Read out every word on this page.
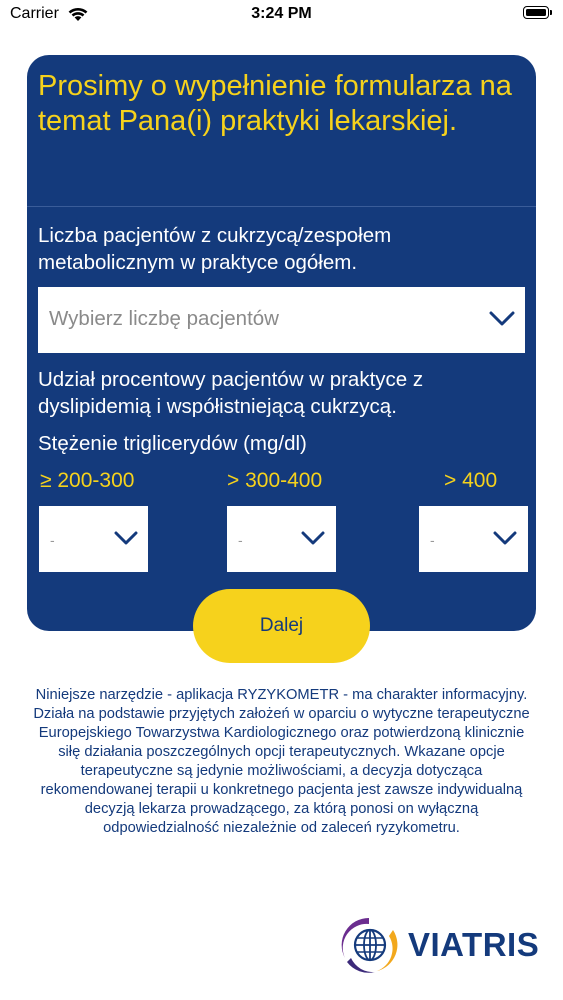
Carrier	3:24 PM
Prosimy o wypełnienie formularza na temat Pana(i) praktyki lekarskiej.
Liczba pacjentów z cukrzycą/zespołem metabolicznym w praktyce ogółem.
Wybierz liczbę pacjentów
Udział procentowy pacjentów w praktyce z dyslipidemią i współistniejącą cukrzycą.
Stężenie triglicerydów (mg/dl)
≥ 200-300	> 300-400	> 400
-	-	-
Dalej
Niniejsze narzędzie - aplikacja RYZYKOMETR - ma charakter informacyjny. Działa na podstawie przyjętych założeń w oparciu o wytyczne terapeutyczne Europejskiego Towarzystwa Kardiologicznego oraz potwierdzoną klinicznie siłę działania poszczególnych opcji terapeutycznych. Wkazane opcje terapeutyczne są jedynie możliwościami, a decyzja dotycząca rekomendowanej terapii u konkretnego pacjenta jest zawsze indywidualną decyzją lekarza prowadzącego, za którą ponosi on wyłączną odpowiedzialność niezależnie od zaleceń ryzykometru.
VIATRIS
